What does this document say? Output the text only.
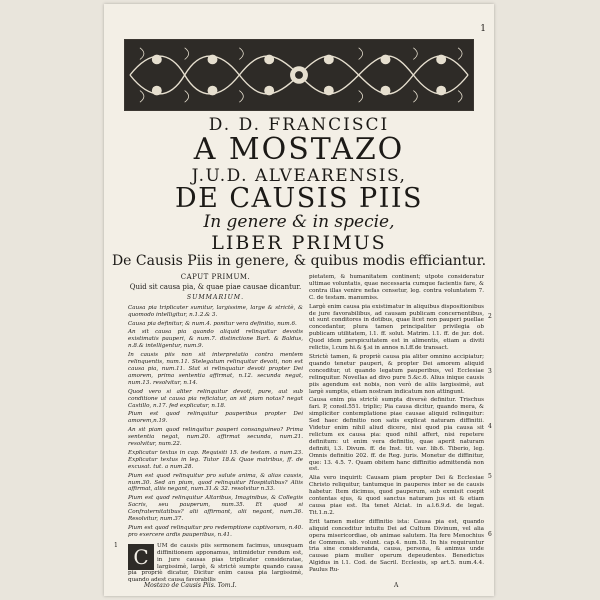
1
D. D. FRANCISCI
A MOSTAZO
J.U.D. ALVEARENSIS,
DE CAUSIS PIIS
In genere & in specie,
LIBER PRIMUS
De Causis Piis in genere, & quibus modis efficiantur.
CAPUT PRIMUM.
Quid sit causa pia, & quae piae causae dicantur.
SUMMARIUM.
Causa pia triplicater sumitur, largissime, large & strictè, & quomodo intelligitur, n.1.2.& 3.
Causa pia definitur, & num.4. ponitur vera definitio, num.6.
An sit causa pia quando aliquid relinquitur devotis existimatis pauperi, & num.7. distinctione Bart. & Baldus, n.8.& intelligentur, num.9.
In causis piis non sit interpretatio contra mentem relinquentis, num.11. Stelegatum relinquitur devoti, non est causa pia, num.11. Stat si relinquatur devoti propter Dei amorem, prima sententia affirmat, n.12. secunda negat, num.13. resolvitur, n.14.
Quod vero si aliter relinquitur devoti, pure, aut sub conditione ut causa pia reficiatur, an sit piam notas? negat Castillo, n.17. fed explicatur, n.18.
Pium est quod relinquitur pauperibus propter Dei amorem,n.19.
An sit piam quod relinquitur pauperi consanguineo? Prima sententia negat, num.20. affirmat secunda, num.21. resolvitur, num.22.
Explicatur textus in cap. Requisiti 15. de testam. a num.23. Explicatur textus in leg. Tutor 18.& Quae matribus, ff. de excusat. tut. a num.28.
Pium est quod relinquitur pro salute anima, & alias causis, num.30. Sed an pium, quod relinquitur Hospitalibus? Aliis affirmat, aliis negant, num.31.& 32. resolvitur n.33.
Pium est quod relinquitur Altaribus, Imaginibus, & Collegiis Sacris, seu pauperum, num.35. Et quod si Confraternitatibus? alii affirmant, alii negant, num.36. Resolvitur, num.37.
Pium est quod relinquitur pro redemptione captivorum, n.40. pro exercere ardis pauperibus, n.41.
1 C	UM de causis piis sermonem facimus, unusquam diffinitionem apponamus, intimidetur rendum est, in jure causas pias triplicater consideratae, largissimè, largè, & strictè sumpte quando causa pia propriè dicatur, Dicitur enim causa pia largissimè, quando adest causa favorabilis
pietatem, & humanitatem continent; utpote consideratur ultimae voluntatis, quae necessaria cumque facientis fare, & contra illas venire nefas censetur, leg. contra voluntatem 7. C. de testam. manumiss.
Largè enim causa pia existimatur in aliquibus dispositionibus de jure favorabilibus, ad causam publicam concernentibus, ut sunt conditores in dotibus, quae licet non pauperi puellae concedantur, plura tamen principaliter privilegia ob publicam utilitatem, l.1. ff. solut. Matrim. l.1. ff. de jur. dot. Quod idem perspicuitatem est in alimentis, etiam a diviti relictis, l.cum hi.& §.si in annos n.l.ff.de transact.
Strictè tamen, & propriè causa pia aliter omnino accipiatur; quando tenetur pauperi, & propter Dei amorem aliquid conceditur, ut quando legatum pauperibus, vel Ecclesiae relinquitur. Novellas ad divo pure 5.&c.6. Alius inique causis piis agendum est nobis, non verò de aliis largissimè, aut largè sumptis, etiam nostram indicatum non attingunt.
Causa enim pia strictè sumpta diversè definitur. Trischus fari. P, consil.551. triplic; Pia causa dicitur, quando mera, & simpliciter contemplatione piae causae aliquid relinquitur: Sed haec definitio non satis explicat naturam diffinitii. Videtur enim nihil aliud dicere, nisi quod pia causa sit relictum ex causa pia: quod nihil affert, nisi repetere definitum: ut enim vera definitio, quae aperit naturam definiti, l.3. Divum. ff. de Inst. tit. var. lib.6. Tiberio, leg. Omnis definitio 202. ff. de Reg. juris. Monetur de diffinitur, que: 13. 4.5. 7. Quam obitem hanc diffinitio admittendà non est.
Alia vero inquirit: Causam piam propter Dei & Ecclesiae Christo reliquitur, tantumque in pauperes inter se de causis habetur. Item dicimus, quod pauperum, sub exmisit coepit contentas ejus, & quod sanctus naturam jus sit & etiam causa piae est. Ita tenet Alciat. in a.l.6.9.d. de legat. Tit.1.n.2.
Erit tamen melior diffinitio ista: Causa pia est, quando aliquid conceditur intuitu Dei ad Cultum Divinum, vel alia opera misericordiae, ob animae salutem. Ita fere Menochius de Commun. ub. volunt. cap.4. num.18. In his requiruntur tria sine consideranda, causa, persona, & animus unde causae piam mulier operum depeudentes. Benedictus Algidus in l.1. Cod. de Sacril. Ecclesiis, sp art.5. num.4.4. Paulus Ru-
2
3
4
5
6
Mostazo de Causis Piis. Tom.I.	A
